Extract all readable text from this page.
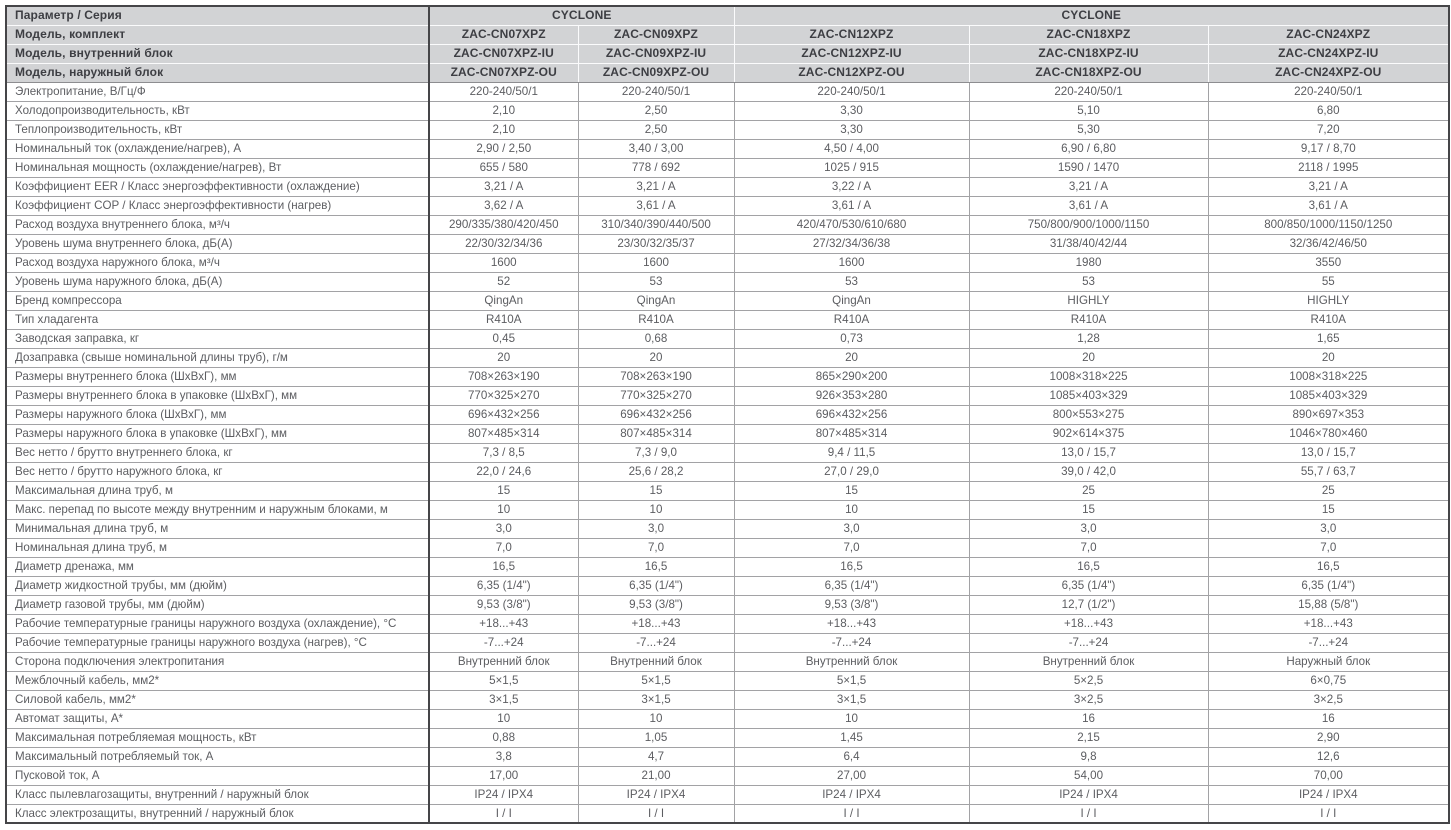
Параметр / Серия	CYCLONE		CYCLONE		
Модель, комплект	ZAC-CN07XPZ	ZAC-CN09XPZ	ZAC-CN12XPZ	ZAC-CN18XPZ	ZAC-CN24XPZ
Модель, внутренний блок	ZAC-CN07XPZ-IU	ZAC-CN09XPZ-IU	ZAC-CN12XPZ-IU	ZAC-CN18XPZ-IU	ZAC-CN24XPZ-IU
Модель, наружный блок	ZAC-CN07XPZ-OU	ZAC-CN09XPZ-OU	ZAC-CN12XPZ-OU	ZAC-CN18XPZ-OU	ZAC-CN24XPZ-OU
Электропитание, В/Гц/Ф	220-240/50/1	220-240/50/1	220-240/50/1	220-240/50/1	220-240/50/1
Холодопроизводительность, кВт	2,10	2,50	3,30	5,10	6,80
Теплопроизводительность, кВт	2,10	2,50	3,30	5,30	7,20
Номинальный ток (охлаждение/нагрев), А	2,90 / 2,50	3,40 / 3,00	4,50 / 4,00	6,90 / 6,80	9,17 / 8,70
Номинальная мощность (охлаждение/нагрев), Вт	655 / 580	778 / 692	1025 / 915	1590 / 1470	2118 / 1995
Коэффициент EER / Класс энергоэффективности (охлаждение)	3,21 / A	3,21 / A	3,22 / A	3,21 / A	3,21 / A
Коэффициент COP / Класс энергоэффективности (нагрев)	3,62 / A	3,61 / A	3,61 / A	3,61 / A	3,61 / A
Расход воздуха внутреннего блока, м³/ч	290/335/380/420/450	310/340/390/440/500	420/470/530/610/680	750/800/900/1000/1150	800/850/1000/1150/1250
Уровень шума внутреннего блока, дБ(А)	22/30/32/34/36	23/30/32/35/37	27/32/34/36/38	31/38/40/42/44	32/36/42/46/50
Расход воздуха наружного блока, м³/ч	1600	1600	1600	1980	3550
Уровень шума наружного блока, дБ(А)	52	53	53	53	55
Бренд компрессора	QingAn	QingAn	QingAn	HIGHLY	HIGHLY
Тип хладагента	R410A	R410A	R410A	R410A	R410A
Заводская заправка, кг	0,45	0,68	0,73	1,28	1,65
Дозаправка (свыше номинальной длины труб), г/м	20	20	20	20	20
Размеры внутреннего блока (ШхВхГ), мм	708×263×190	708×263×190	865×290×200	1008×318×225	1008×318×225
Размеры внутреннего блока в упаковке (ШхВхГ), мм	770×325×270	770×325×270	926×353×280	1085×403×329	1085×403×329
Размеры наружного блока (ШхВхГ), мм	696×432×256	696×432×256	696×432×256	800×553×275	890×697×353
Размеры наружного блока в упаковке (ШхВхГ), мм	807×485×314	807×485×314	807×485×314	902×614×375	1046×780×460
Вес нетто / брутто внутреннего блока, кг	7,3 / 8,5	7,3 / 9,0	9,4 / 11,5	13,0 / 15,7	13,0 / 15,7
Вес нетто / брутто наружного блока, кг	22,0 / 24,6	25,6 / 28,2	27,0 / 29,0	39,0 / 42,0	55,7 / 63,7
Максимальная длина труб, м	15	15	15	25	25
Макс. перепад по высоте между внутренним и наружным блоками, м	10	10	10	15	15
Минимальная длина труб, м	3,0	3,0	3,0	3,0	3,0
Номинальная длина труб, м	7,0	7,0	7,0	7,0	7,0
Диаметр дренажа, мм	16,5	16,5	16,5	16,5	16,5
Диаметр жидкостной трубы, мм (дюйм)	6,35 (1/4")	6,35 (1/4")	6,35 (1/4")	6,35 (1/4")	6,35 (1/4")
Диаметр газовой трубы, мм (дюйм)	9,53 (3/8")	9,53 (3/8")	9,53 (3/8")	12,7 (1/2")	15,88 (5/8")
Рабочие температурные границы наружного воздуха (охлаждение), °С	+18...+43	+18...+43	+18...+43	+18...+43	+18...+43
Рабочие температурные границы наружного воздуха (нагрев), °С	-7...+24	-7...+24	-7...+24	-7...+24	-7...+24
Сторона подключения электропитания	Внутренний блок	Внутренний блок	Внутренний блок	Внутренний блок	Наружный блок
Межблочный кабель, мм2*	5×1,5	5×1,5	5×1,5	5×2,5	6×0,75
Силовой кабель, мм2*	3×1,5	3×1,5	3×1,5	3×2,5	3×2,5
Автомат защиты, А*	10	10	10	16	16
Максимальная потребляемая мощность, кВт	0,88	1,05	1,45	2,15	2,90
Максимальный потребляемый ток, А	3,8	4,7	6,4	9,8	12,6
Пусковой ток, А	17,00	21,00	27,00	54,00	70,00
Класс пылевлагозащиты, внутренний / наружный блок	IP24 / IPX4	IP24 / IPX4	IP24 / IPX4	IP24 / IPX4	IP24 / IPX4
Класс электрозащиты, внутренний / наружный блок	I / I	I / I	I / I	I / I	I / I
